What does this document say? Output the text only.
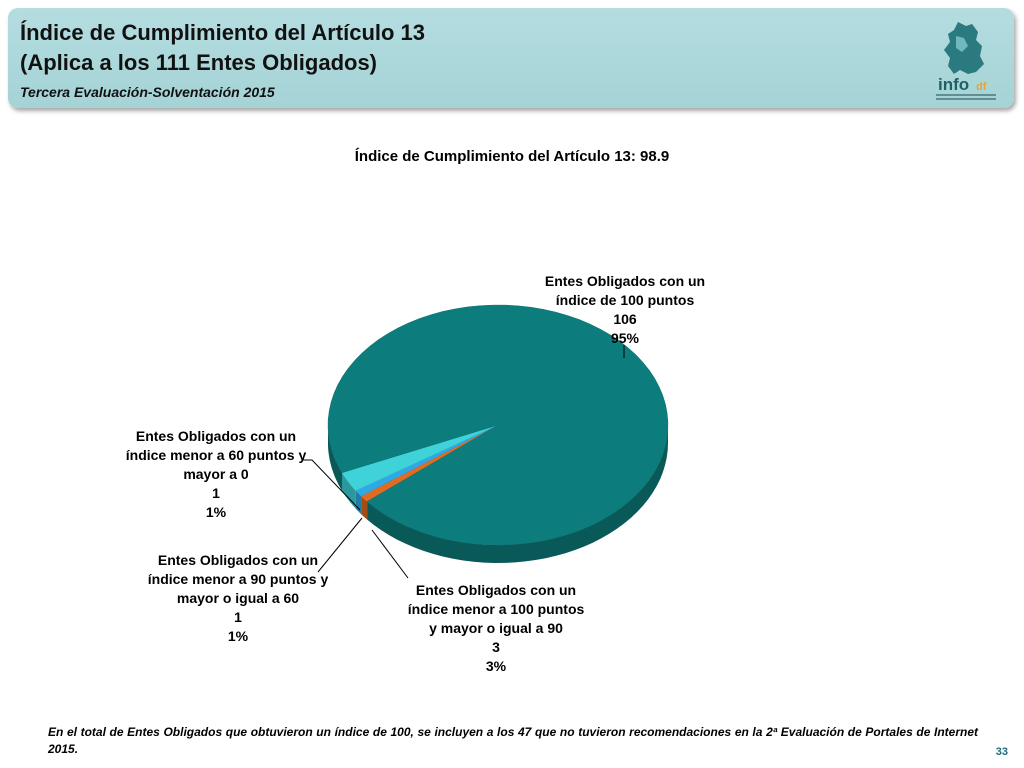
Índice de Cumplimiento del Artículo 13
(Aplica a los 111 Entes Obligados)
Tercera Evaluación-Solventación 2015	info df
Índice de Cumplimiento del Artículo 13: 98.9
Entes Obligados con un
índice de 100 puntos
106
95%
Entes Obligados con un
índice menor a 100 puntos
y mayor o igual a 90
3
3%
Entes Obligados con un
índice menor a 90 puntos y
mayor o igual a 60
1
1%
Entes Obligados con un
índice menor a 60 puntos y
mayor a 0
1
1%
En el total de Entes Obligados que obtuvieron un índice de 100, se incluyen a los 47 que no tuvieron recomendaciones en la 2ª Evaluación de Portales de Internet 2015.	33
